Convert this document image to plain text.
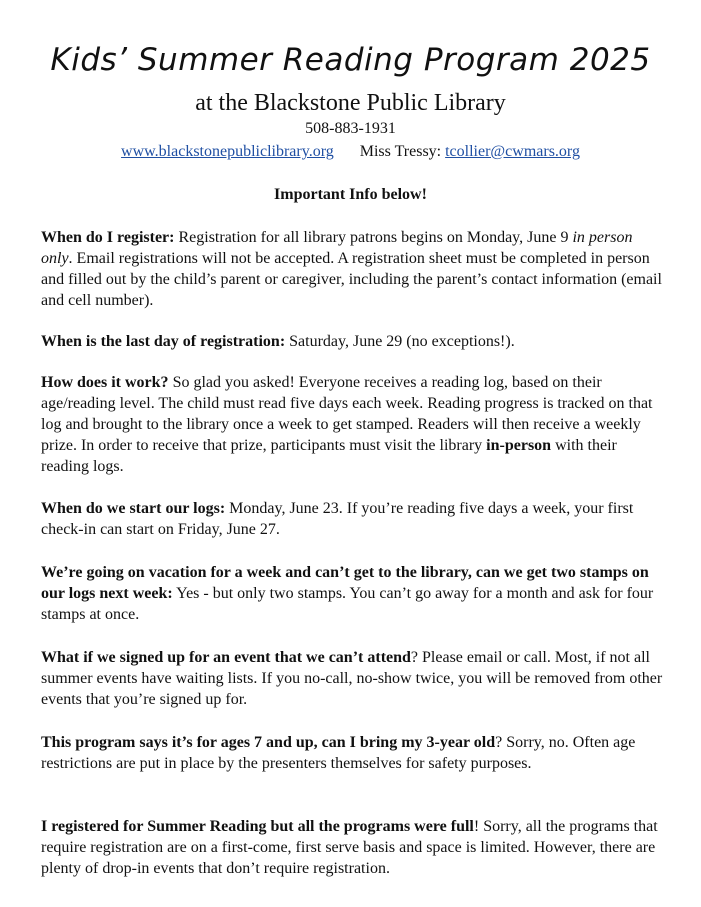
Kids’ Summer Reading Program 2025
at the Blackstone Public Library
508-883-1931
www.blackstonepubliclibrary.org Miss Tressy: tcollier@cwmars.org
Important Info below!

When do I register: Registration for all library patrons begins on Monday, June 9 in person only. Email registrations will not be accepted. A registration sheet must be completed in person and filled out by the child’s parent or caregiver, including the parent’s contact information (email and cell number).

When is the last day of registration: Saturday, June 29 (no exceptions!).

How does it work? So glad you asked! Everyone receives a reading log, based on their age/reading level. The child must read five days each week. Reading progress is tracked on that log and brought to the library once a week to get stamped. Readers will then receive a weekly prize. In order to receive that prize, participants must visit the library in-person with their reading logs.

When do we start our logs: Monday, June 23. If you’re reading five days a week, your first check-in can start on Friday, June 27.

We’re going on vacation for a week and can’t get to the library, can we get two stamps on our logs next week: Yes - but only two stamps. You can’t go away for a month and ask for four stamps at once.

What if we signed up for an event that we can’t attend? Please email or call. Most, if not all summer events have waiting lists. If you no-call, no-show twice, you will be removed from other events that you’re signed up for.

This program says it’s for ages 7 and up, can I bring my 3-year old? Sorry, no. Often age restrictions are put in place by the presenters themselves for safety purposes.

I registered for Summer Reading but all the programs were full! Sorry, all the programs that require registration are on a first-come, first serve basis and space is limited. However, there are plenty of drop-in events that don’t require registration.
